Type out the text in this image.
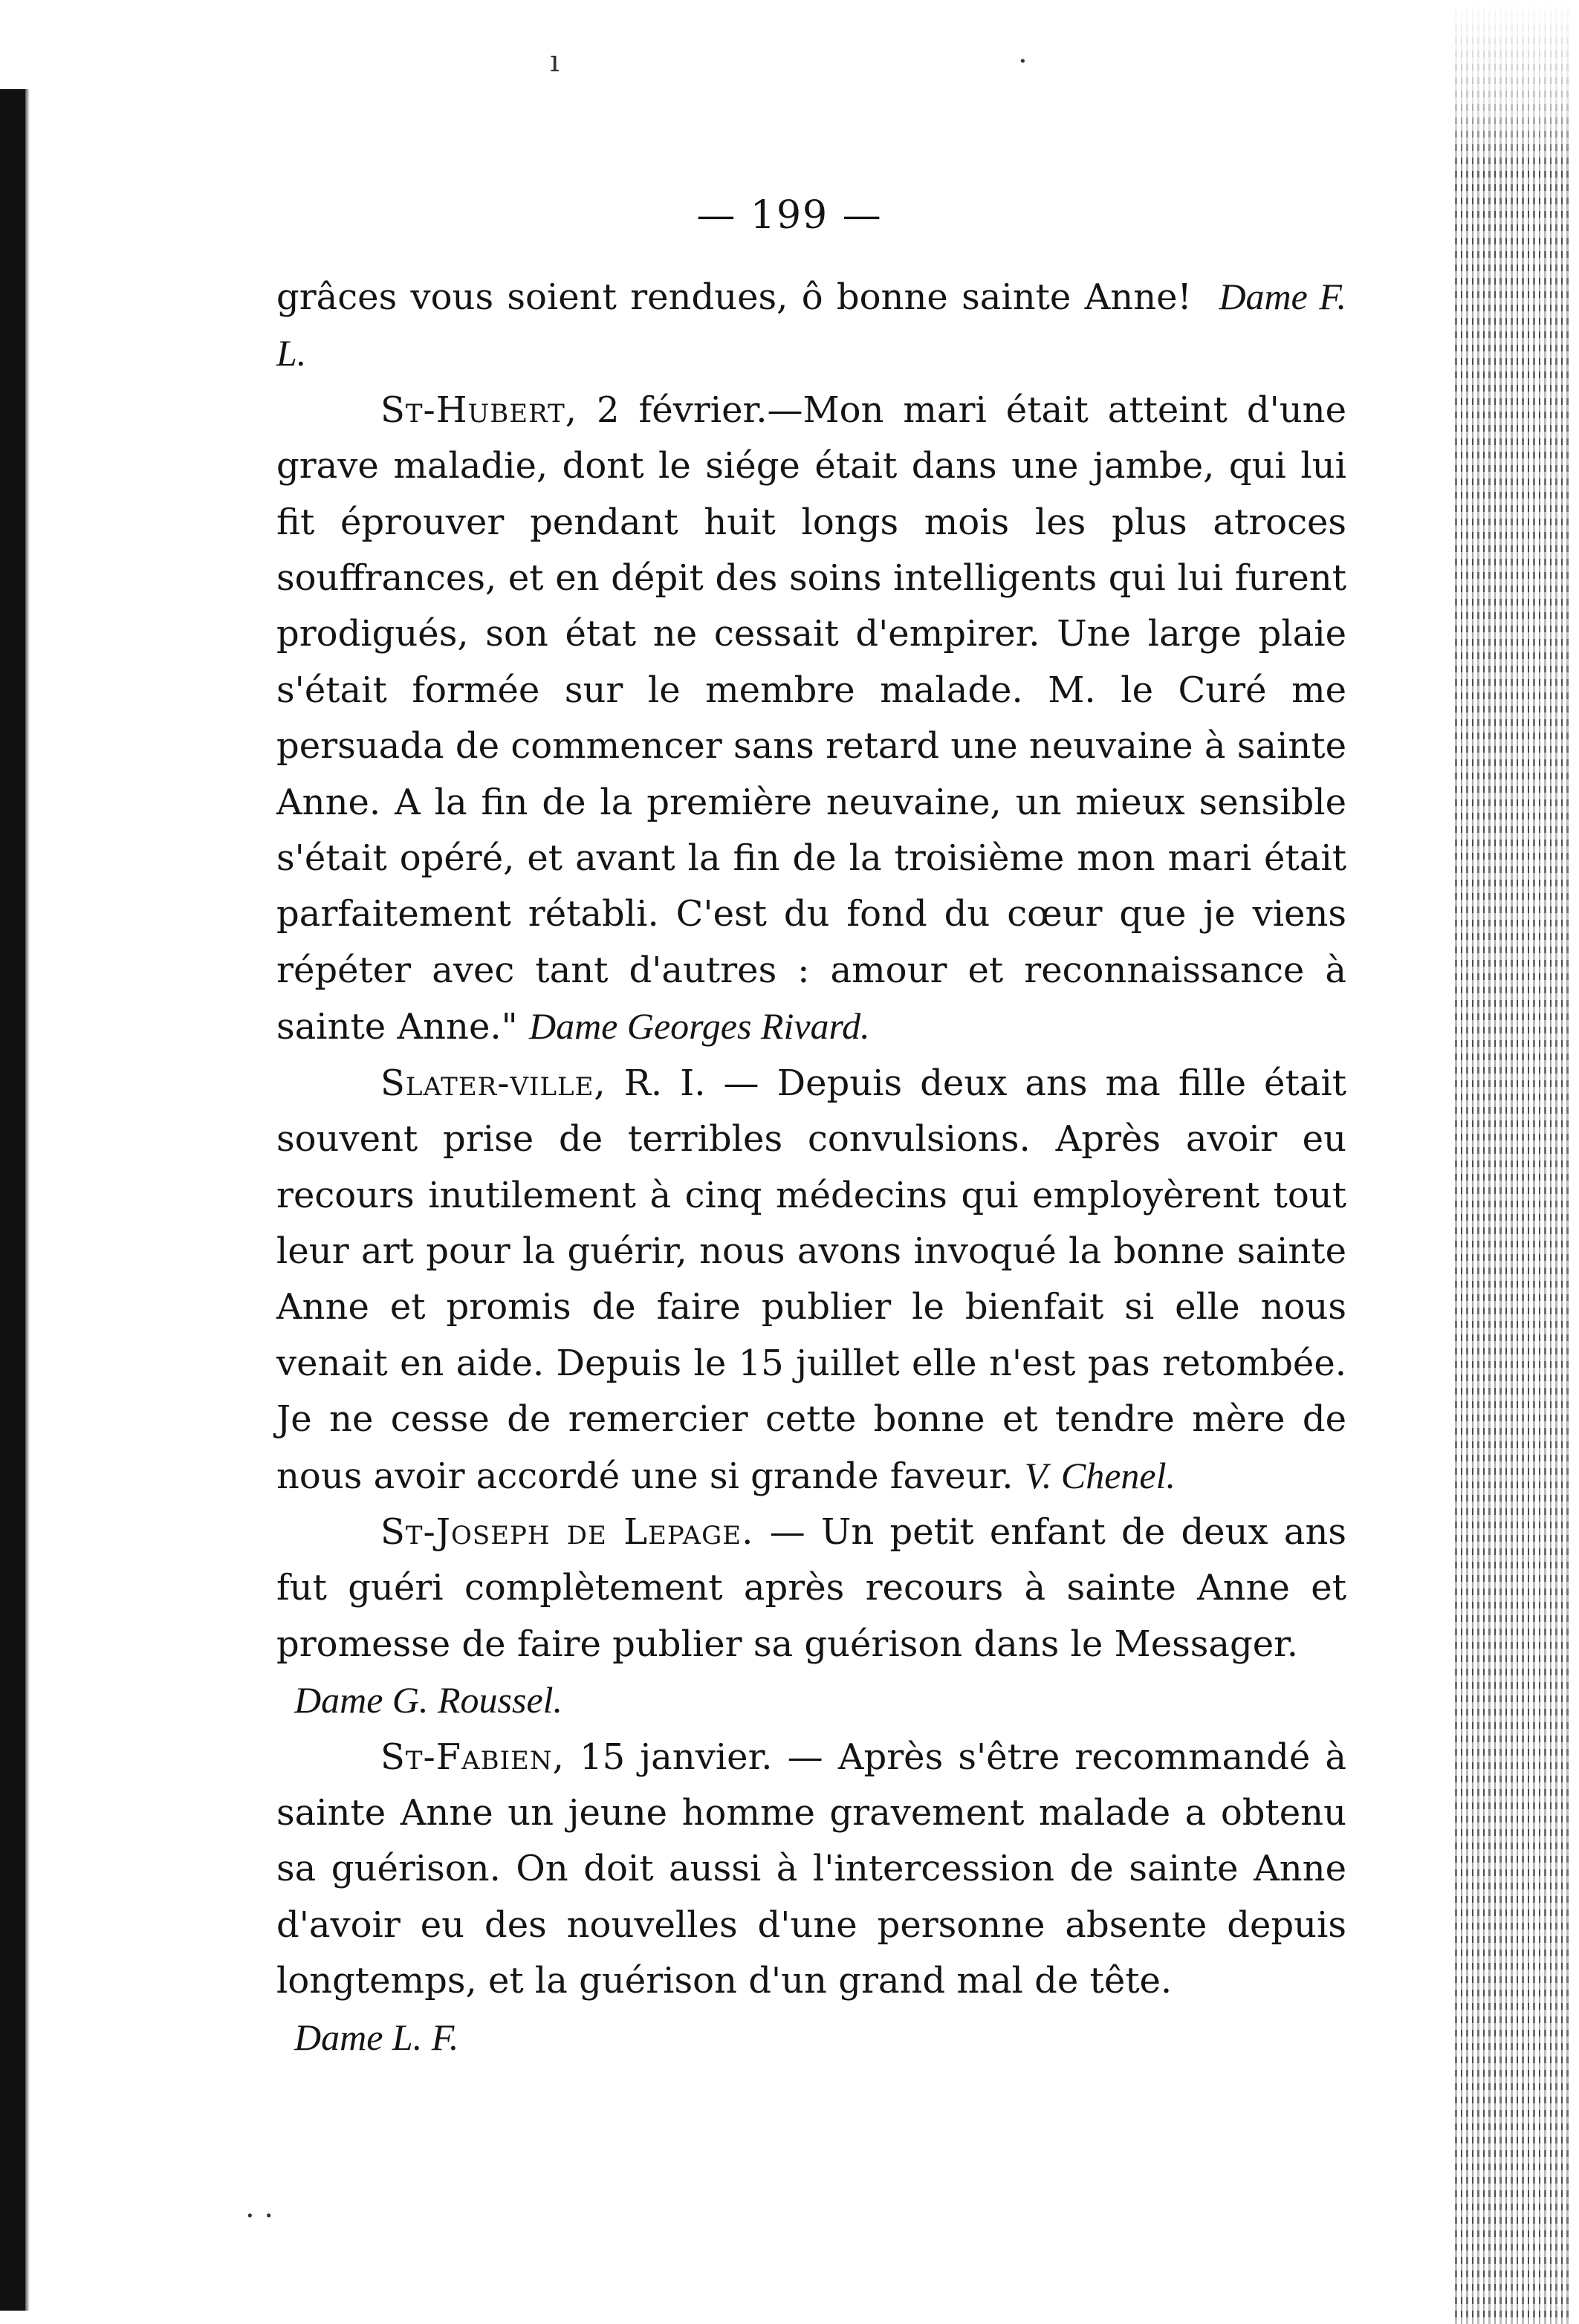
— 199 —

grâces vous soient rendues, ô bonne sainte Anne! Dame F. L.

St-Hubert, 2 février.—Mon mari était atteint d'une grave maladie, dont le siége était dans une jambe, qui lui fit éprouver pendant huit longs mois les plus atroces souffrances, et en dépit des soins intelligents qui lui furent prodigués, son état ne cessait d'empirer. Une large plaie s'était formée sur le membre malade. M. le Curé me persuada de commencer sans retard une neuvaine à sainte Anne. A la fin de la première neuvaine, un mieux sensible s'était opéré, et avant la fin de la troisième mon mari était parfaitement rétabli. C'est du fond du cœur que je viens répéter avec tant d'autres : amour et reconnaissance à sainte Anne." Dame Georges Rivard.

Slater-ville, R. I. — Depuis deux ans ma fille était souvent prise de terribles convulsions. Après avoir eu recours inutilement à cinq médecins qui employèrent tout leur art pour la guérir, nous avons invoqué la bonne sainte Anne et promis de faire publier le bienfait si elle nous venait en aide. Depuis le 15 juillet elle n'est pas retombée. Je ne cesse de remercier cette bonne et tendre mère de nous avoir accordé une si grande faveur. V. Chenel.

St-Joseph de Lepage. — Un petit enfant de deux ans fut guéri complètement après recours à sainte Anne et promesse de faire publier sa guérison dans le Messager.
Dame G. Roussel.

St-Fabien, 15 janvier. — Après s'être recommandé à sainte Anne un jeune homme gravement malade a obtenu sa guérison. On doit aussi à l'intercession de sainte Anne d'avoir eu des nouvelles d'une personne absente depuis longtemps, et la guérison d'un grand mal de tête.
Dame L. F.

ı	·
· ·
